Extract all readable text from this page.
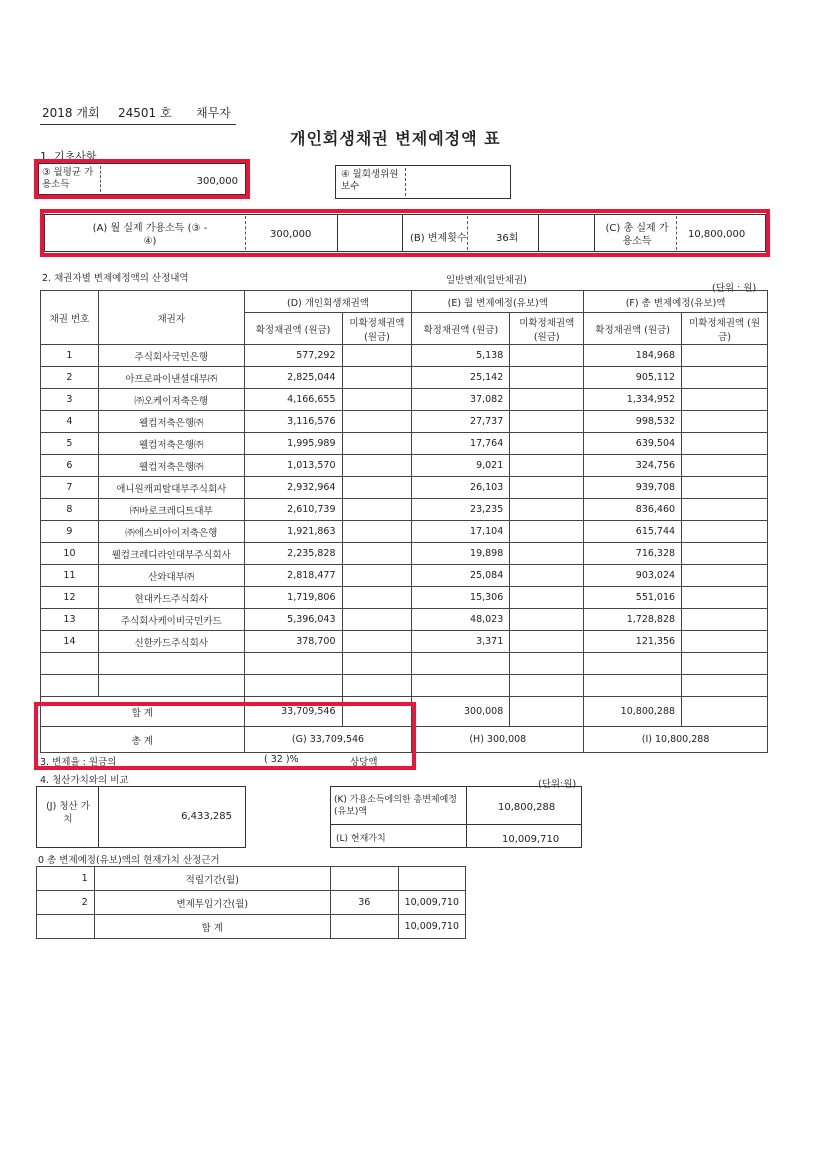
2018 개회 24501 호 채무자
개인회생채권 변제예정액 표
1. 기초사항
③ 월평균 가용소득	300,000
④ 월회생위원 보수
(A) 월 실제 가용소득 (③ - ④)
300,000	(B) 변제횟수	36회
(C) 총 실제 가용소득
10,800,000
2. 채권자별 변제예정액의 산정내역	일반변제(일반채권)
(단위 : 원)
채권 번호	채권자	(D) 개인회생채권액		(E) 월 변제예정(유보)액		(F) 총 변제예정(유보)액	
		확정채권액 (원금)	미확정채권액 (원금)	확정채권액 (원금)	미확정채권액 (원금)	확정채권액 (원금)	미확정채권액 (원금)
1	주식회사국민은행	577,292		5,138		184,968	
2	아프로파이낸셜대부㈜	2,825,044		25,142		905,112	
3	㈜오케이저축은행	4,166,655		37,082		1,334,952	
4	웰컴저축은행㈜	3,116,576		27,737		998,532	
5	웰컴저축은행㈜	1,995,989		17,764		639,504	
6	웰컴저축은행㈜	1,013,570		9,021		324,756	
7	애니원캐피탈대부주식회사	2,932,964		26,103		939,708	
8	㈜바로크레디트대부	2,610,739		23,235		836,460	
9	㈜에스비아이저축은행	1,921,863		17,104		615,744	
10	웰컴크레디라인대부주식회사	2,235,828		19,898		716,328	
11	산와대부㈜	2,818,477		25,084		903,024	
12	현대카드주식회사	1,719,806		15,306		551,016	
13	주식회사케이비국민카드	5,396,043		48,023		1,728,828	
14	신한카드주식회사	378,700		3,371		121,356	

합 계		33,709,546		300,008		10,800,288	
총 계		(G) 33,709,546		(H) 300,008		(I) 10,800,288	
3. 변제율 : 원금의	( 32 )%	상당액
4. 청산가치와의 비교	(단위:원)
(J) 청산 가치	6,433,285
(K) 가용소득에의한 총변제예정(유보)액	10,800,288
(L) 현재가치	10,009,710
0 총 변제예정(유보)액의 현재가치 산정근거
1	적립기간(월)		
2	변제투입기간(월)	36	10,009,710
	합 계		10,009,710
